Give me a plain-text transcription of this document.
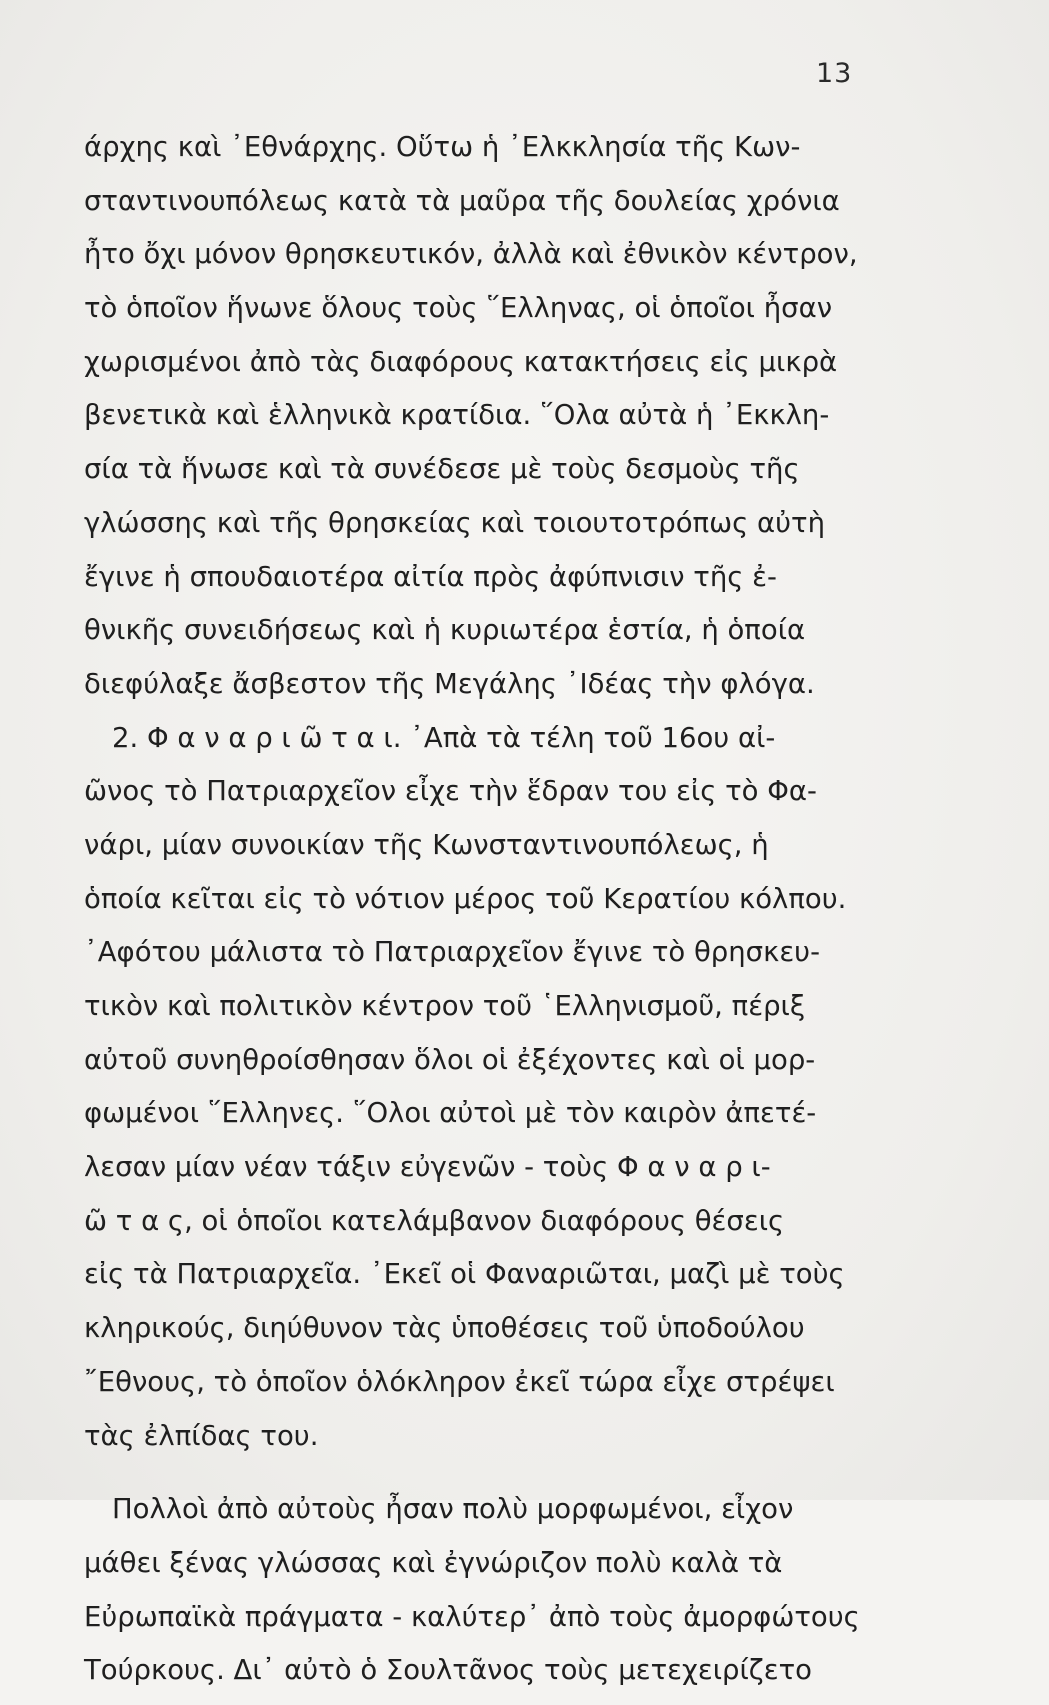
13
άρχης καὶ ᾿Εθνάρχης. Οὕτω ἡ ᾿Ελκκλησία τῆς Κων-
σταντινουπόλεως κατὰ τὰ μαῦρα τῆς δουλείας χρόνια
ἦτο ὄχι μόνον θρησκευτικόν, ἀλλὰ καὶ ἐθνικὸν κέντρον,
τὸ ὁποῖον ἥνωνε ὅλους τοὺς ῞Ελληνας, οἱ ὁποῖοι ἦσαν
χωρισμένοι ἀπὸ τὰς διαφόρους κατακτήσεις εἰς μικρὰ
βενετικὰ καὶ ἑλληνικὰ κρατίδια. ῞Ολα αὐτὰ ἡ ᾿Εκκλη-
σία τὰ ἥνωσε καὶ τὰ συνέδεσε μὲ τοὺς δεσμοὺς τῆς
γλώσσης καὶ τῆς θρησκείας καὶ τοιουτοτρόπως αὐτὴ
ἔγινε ἡ σπουδαιοτέρα αἰτία πρὸς ἀφύπνισιν τῆς ἐ-
θνικῆς συνειδήσεως καὶ ἡ κυριωτέρα ἑστία, ἡ ὁποία
διεφύλαξε ἄσβεστον τῆς Μεγάλης ᾿Ιδέας τὴν φλόγα.
2. Φ α ν α ρ ι ῶ τ α ι. ᾿Απὰ τὰ τέλη τοῦ 16ου αἰ-
ῶνος τὸ Πατριαρχεῖον εἶχε τὴν ἕδραν του εἰς τὸ Φα-
νάρι, μίαν συνοικίαν τῆς Κωνσταντινουπόλεως, ἡ
ὁποία κεῖται εἰς τὸ νότιον μέρος τοῦ Κερατίου κόλπου.
᾿Αφότου μάλιστα τὸ Πατριαρχεῖον ἔγινε τὸ θρησκευ-
τικὸν καὶ πολιτικὸν κέντρον τοῦ ῾Ελληνισμοῦ, πέριξ
αὐτοῦ συνηθροίσθησαν ὅλοι οἱ ἐξέχοντες καὶ οἱ μορ-
φωμένοι ῞Ελληνες. ῞Ολοι αὐτοὶ μὲ τὸν καιρὸν ἀπετέ-
λεσαν μίαν νέαν τάξιν εὐγενῶν - τοὺς Φ α ν α ρ ι-
ῶ τ α ς, οἱ ὁποῖοι κατελάμβανον διαφόρους θέσεις
εἰς τὰ Πατριαρχεῖα. ᾿Εκεῖ οἱ Φαναριῶται, μαζὶ μὲ τοὺς
κληρικούς, διηύθυνον τὰς ὑποθέσεις τοῦ ὑποδούλου
῎Εθνους, τὸ ὁποῖον ὁλόκληρον ἐκεῖ τώρα εἶχε στρέψει
τὰς ἐλπίδας του.
Πολλοὶ ἀπὸ αὐτοὺς ἦσαν πολὺ μορφωμένοι, εἶχον
μάθει ξένας γλώσσας καὶ ἐγνώριζον πολὺ καλὰ τὰ
Εὐρωπαϊκὰ πράγματα - καλύτερ᾿ ἀπὸ τοὺς ἀμορφώτους
Τούρκους. Δι᾿ αὐτὸ ὁ Σουλτᾶνος τοὺς μετεχειρίζετο
